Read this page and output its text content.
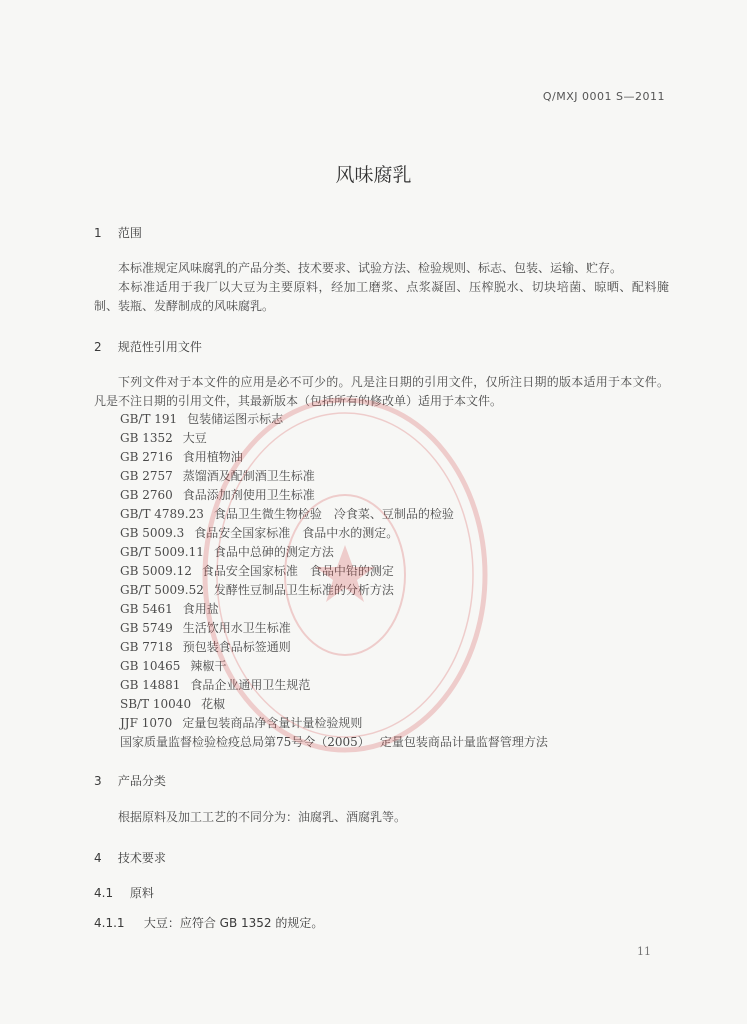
Q/MXJ 0001 S—2011
风味腐乳
1 范围
本标准规定风味腐乳的产品分类、技术要求、试验方法、检验规则、标志、包装、运输、贮存。
本标准适用于我厂以大豆为主要原料，经加工磨浆、点浆凝固、压榨脱水、切块培菌、晾晒、配料腌制、装瓶、发酵制成的风味腐乳。
2 规范性引用文件
下列文件对于本文件的应用是必不可少的。凡是注日期的引用文件，仅所注日期的版本适用于本文件。凡是不注日期的引用文件，其最新版本（包括所有的修改单）适用于本文件。
GB/T 191 包装储运图示标志
GB 1352 大豆
GB 2716 食用植物油
GB 2757 蒸馏酒及配制酒卫生标准
GB 2760 食品添加剂使用卫生标准
GB/T 4789.23 食品卫生微生物检验　冷食菜、豆制品的检验
GB 5009.3 食品安全国家标准　食品中水的测定。
GB/T 5009.11 食品中总砷的测定方法
GB 5009.12 食品安全国家标准　食品中铅的测定
GB/T 5009.52 发酵性豆制品卫生标准的分析方法
GB 5461 食用盐
GB 5749 生活饮用水卫生标准
GB 7718 预包装食品标签通则
GB 10465 辣椒干
GB 14881 食品企业通用卫生规范
SB/T 10040 花椒
JJF 1070 定量包装商品净含量计量检验规则
国家质量监督检验检疫总局第75号令（2005） 定量包装商品计量监督管理方法
3 产品分类
根据原料及加工工艺的不同分为：油腐乳、酒腐乳等。
4 技术要求
4.1 原料
4.1.1 大豆：应符合 GB 1352 的规定。
11
